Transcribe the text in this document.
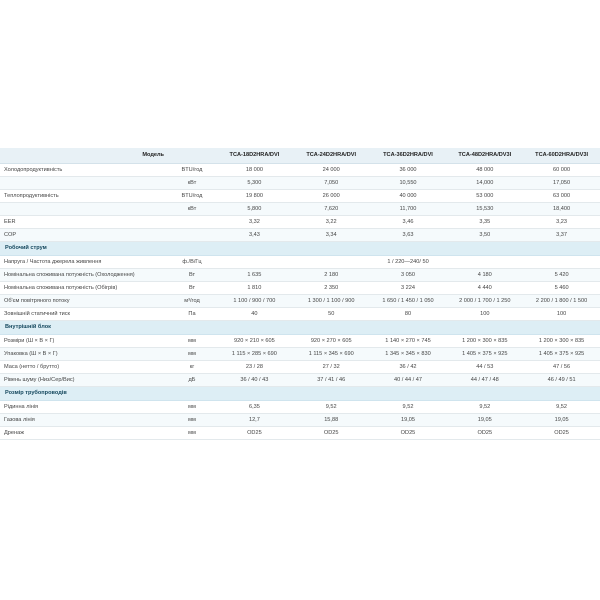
Модель		TCA-18D2HRA/DVI	TCA-24D2HRA/DVI	TCA-36D2HRA/DVI	TCA-48D2HRA/DV3I	TCA-60D2HRA/DV3I
Холодопродуктивність	BTU/год	18 000	24 000	36 000	48 000	60 000
	кВт	5,300	7,050	10,550	14,000	17,050
Теплопродуктивність	BTU/год	19 800	26 000	40 000	53 000	63 000
	кВт	5,800	7,620	11,700	15,530	18,400
EER		3,32	3,22	3,46	3,35	3,23
COP		3,43	3,34	3,63	3,50	3,37
Робочий струм						
Напруга / Частота джерела живлення	ф./В/Гц	1 / 220—240/ 50				
Номінальна споживана потужність (Охолодження)	Вт	1 635	2 180	3 050	4 180	5 420
Номінальна споживана потужність (Обігрів)	Вт	1 810	2 350	3 224	4 440	5 460
Об'єм повітряного потоку	м³/год	1 100 / 900 / 700	1 300 / 1 100 / 900	1 650 / 1 450 / 1 050	2 000 / 1 700 / 1 250	2 200 / 1 800 / 1 500
Зовнішній статичний тиск	Па	40	50	80	100	100
Внутрішній блок						
Розміри (Ш × В × Г)	мм	920 × 210 × 605	920 × 270 × 605	1 140 × 270 × 745	1 200 × 300 × 835	1 200 × 300 × 835
Упаковка (Ш × В × Г)	мм	1 115 × 285 × 690	1 115 × 345 × 690	1 345 × 345 × 830	1 405 × 375 × 925	1 405 × 375 × 925
Маса (нетто / брутто)	кг	23 / 28	27 / 32	36 / 42	44 / 53	47 / 56
Рівень шуму (Низ/Сер/Вис)	дБ	36 / 40 / 43	37 / 41 / 46	40 / 44 / 47	44 / 47 / 48	46 / 49 / 51
Розмір трубопроводів						
Рідинна лінія	мм	6,35	9,52	9,52	9,52	9,52
Газова лінія	мм	12,7	15,88	19,05	19,05	19,05
Дренаж	мм	OD25	OD25	OD25	OD25	OD25
